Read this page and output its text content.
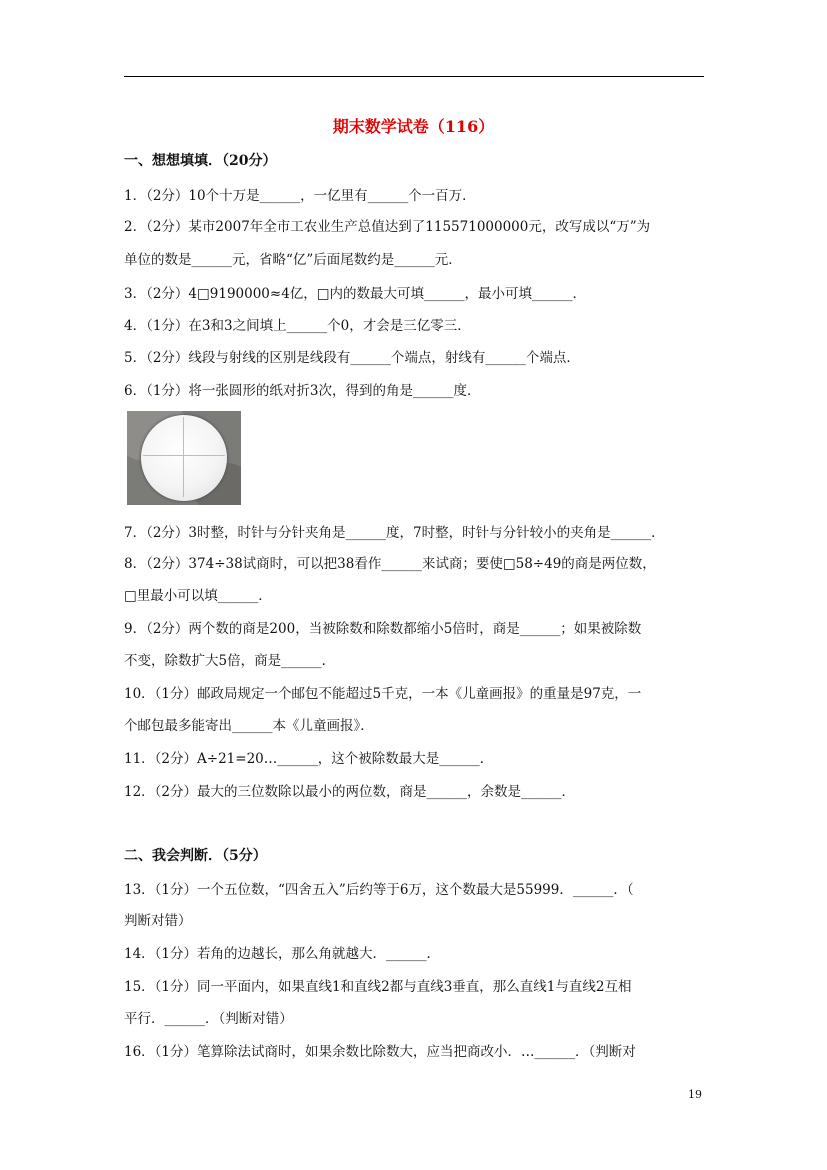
期末数学试卷（116）
一、想想填填．（20分）
1．（2分）10个十万是______，一亿里有______个一百万．
2．（2分）某市2007年全市工农业生产总值达到了115571000000元，改写成以“万”为
单位的数是______元，省略“亿”后面尾数约是______元．
3．（2分）4□9190000≈4亿，□内的数最大可填______，最小可填______．
4．（1分）在3和3之间填上______个0，才会是三亿零三．
5．（2分）线段与射线的区别是线段有______个端点，射线有______个端点．
6．（1分）将一张圆形的纸对折3次，得到的角是______度．
7．（2分）3时整，时针与分针夹角是______度，7时整，时针与分针较小的夹角是______．
8．（2分）374÷38试商时，可以把38看作______来试商；要使□58÷49的商是两位数，
□里最小可以填______．
9．（2分）两个数的商是200，当被除数和除数都缩小5倍时，商是______；如果被除数
不变，除数扩大5倍，商是______．
10．（1分）邮政局规定一个邮包不能超过5千克，一本《儿童画报》的重量是97克，一
个邮包最多能寄出______本《儿童画报》．
11．（2分）A÷21=20…______，这个被除数最大是______．
12．（2分）最大的三位数除以最小的两位数，商是______，余数是______．
二、我会判断．（5分）
13．（1分）一个五位数，“四舍五入”后约等于6万，这个数最大是55999．______．（
判断对错）
14．（1分）若角的边越长，那么角就越大．______．
15．（1分）同一平面内，如果直线1和直线2都与直线3垂直，那么直线1与直线2互相
平行．______．（判断对错）
16．（1分）笔算除法试商时，如果余数比除数大，应当把商改小．…______．（判断对
19
